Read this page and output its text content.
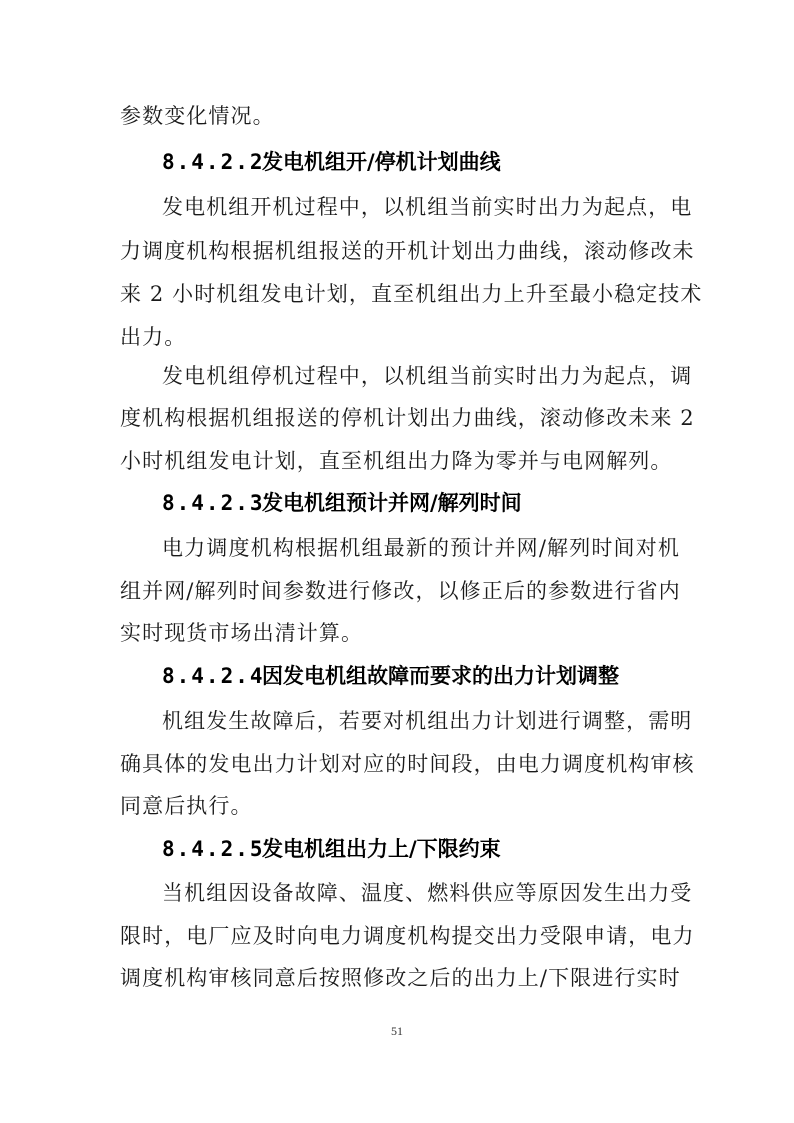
参数变化情况。
8.4.2.2发电机组开/停机计划曲线
发电机组开机过程中，以机组当前实时出力为起点，电
力调度机构根据机组报送的开机计划出力曲线，滚动修改未
来 2 小时机组发电计划，直至机组出力上升至最小稳定技术
出力。
发电机组停机过程中，以机组当前实时出力为起点，调
度机构根据机组报送的停机计划出力曲线，滚动修改未来 2
小时机组发电计划，直至机组出力降为零并与电网解列。
8.4.2.3发电机组预计并网/解列时间
电力调度机构根据机组最新的预计并网/解列时间对机
组并网/解列时间参数进行修改，以修正后的参数进行省内
实时现货市场出清计算。
8.4.2.4因发电机组故障而要求的出力计划调整
机组发生故障后，若要对机组出力计划进行调整，需明
确具体的发电出力计划对应的时间段，由电力调度机构审核
同意后执行。
8.4.2.5发电机组出力上/下限约束
当机组因设备故障、温度、燃料供应等原因发生出力受
限时，电厂应及时向电力调度机构提交出力受限申请，电力
调度机构审核同意后按照修改之后的出力上/下限进行实时
51
